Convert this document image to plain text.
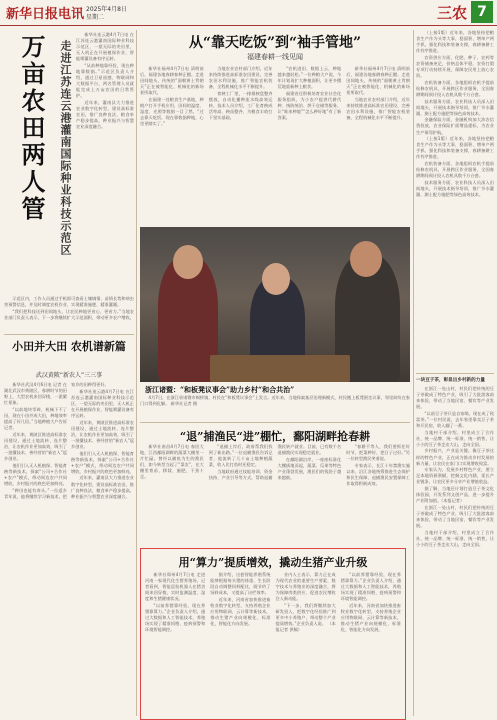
新华日报电讯 2025年4月8日
星期二	三农 7
万亩农田两人管	走进江苏连云港灌南国际种业科技示范区

新华社连云港4月7日电 在江苏连云港灌南国际种业科技示范区，一望无际的麦田里，无人机正在开展植保作业，智能喷灌设备有序运转。

“从前种地靠经验，现在种地靠数据。”示范区负责人介绍，通过卫星遥感、物联网和大数据平台，两名管理人员就能完成上万亩农田的日常管护。

近年来，灌南县大力推进农业数字化转型，建设高标准农田，推广良种良法，粮食单产稳步提高，种业振兴与智慧农业深度融合。

示范区内，工作人员通过手机即可查看土壤墒情、苗情长势和病虫害预警信息，并及时调度农机作业，实现精准施肥、精准灌溉。

“我们把科技送到田间地头，让农民种地更省心、更省力。”当地农业部门负责人表示，下一步将继续扩大示范面积，带动更多农户增收。

小田并大田 农机谱新篇
武汉黄陂“新农人”三三事

新华社武汉4月6日电 记者 在湖北武汉市黄陂区，春耕时节的田野上，大型农机来回穿梭，一派繁忙景象。

“以前地块零碎，机械下不了田，现在小田并成大田，种地效率提高了好几倍。”当地种植大户告诉记者。

近年来，黄陂区推进高标准农田建设，通过土地流转、连片整治，让农机作业更加高效，吸引了一批懂技术、善经营的“新农人”返乡创业。

他们引入无人机植保、智能育秧等新技术，探索“公司+合作社+农户”模式，带动周边农户共同增收，乡村振兴的底色更加鲜亮。

“种田也能有奔头。”一位返乡青年说，他将继续学习新技术，把家乡的田种得更好。

新华社连云港4月7日电 在江苏连云港灌南国际种业科技示范区，一望无际的麦田里，无人机正在开展植保作业，智能喷灌设备有序运转。

近年来，黄陂区推进高标准农田建设，通过土地流转、连片整治，让农机作业更加高效，吸引了一批懂技术、善经营的“新农人”返乡创业。

他们引入无人机植保、智能育秧等新技术，探索“公司+合作社+农户”模式，带动周边农户共同增收，乡村振兴的底色更加鲜亮。

近年来，灌南县大力推进农业数字化转型，建设高标准农田，推广良种良法，粮食单产稳步提高，种业振兴与智慧农业深度融合。

从“靠天吃饭”到“袖手管地”
福建春耕一线见闻

新华社福州4月7日电 清明前后，福建各地春耕春种正酣。走进田间地头，传统的“面朝黄土背朝天”正在被智能化、机械化的新场景所取代。

在福建一处粮食生产基地，种植户打开手机应用，田间的温度、湿度、光照等数据一目了然。“过去靠天吃饭，现在靠数据种地，心里更踏实了。”

当地农业农村部门介绍，近年来持续推进高标准农田建设，完善农田水利设施，推广智能农机装备，全程机械化水平不断提升。

育秧工厂里，一排排秧盘整齐摆放，自动化播种流水线高效运转。技术人员介绍，工厂化育秧成活率高、秧苗整齐，为粮食丰收打下坚实基础。

“农机进田、数据上云，种地越来越轻松。”一位种粮大户说，今年计划再扩大种植面积，让更多撂荒地重新种上粮食。

福建省还积极培育农业社会化服务组织，为小农户提供代耕代种、统防统治、烘干仓储等服务，让“谁来种地”“怎么种好地”有了新答案。

新华社福州4月7日电 清明前后，福建各地春耕春种正酣。走进田间地头，传统的“面朝黄土背朝天”正在被智能化、机械化的新场景所取代。

当地农业农村部门介绍，近年来持续推进高标准农田建设，完善农田水利设施，推广智能农机装备，全程机械化水平不断提升。

浙江诸暨：“和板凳议事会”助力乡村“和合共治”
4月7日，在浙江省诸暨市枫桥镇，村民在“和板凳议事会”上发言。近年来，当地探索基层治理新模式，村民搬上板凳围坐议事，邻里纠纷在家门口得到化解。 新华社记者 摄
“退”捕渔民“进”棚忙，鄱阳湖畔抢春耕

新华社南昌4月7日电 春回大地，江西鄱阳湖畔的蔬菜大棚里一片忙碌。曾经以捕鱼为生的渔民们，如今转型当起了“菜农”，在大棚里育苗、移栽、施肥，干劲十足。

“退捕上岸后，政府帮我们找到了新出路。”一位退捕渔民告诉记者，他流转了几十亩土地种植蔬菜，收入比打鱼时还稳定。

当地政府通过技能培训、资金扶持、产业引导等方式，帮助退捕渔民转产就业。目前，已有数千名退捕渔民实现稳定就业。

在鄱阳湖沿岸，一座座标准化大棚拔地而起，蔬菜、瓜果等特色产业蓬勃发展，渔民们的钱袋子越来越鼓。

“春耕不等人，我们要抓住好时节，把菜种好、把日子过好。”另一位转型渔民笑着说。

专家表示，长江十年禁渔实施以来，沿江各地统筹推进生态保护和民生保障，退捕渔民安置保障工作取得积极成效。

用“算力”提质增效，撬动生猪产业升级

新华社郑州4月7日电 走进河南一家现代化生猪养殖场，记者看到，智能巡检机器人在猪舍间来回穿梭，实时监测温度、湿度和生猪健康状况。

“以前养猪靠经验，现在养猪靠算力。”企业负责人介绍，通过大数据和人工智能技术，养殖场实现了精准饲喂、疫病预警和环境智能调控。

据介绍，这套智能养殖系统能够根据每头猪的体重、生长阶段自动调整饲料配比，既节约了饲料成本，又提高了出栏效率。

近年来，河南省加快推进畜牧业数字化转型，支持养殖企业应用物联网、云计算等新技术，推动生猪产业向规模化、标准化、智能化方向发展。

业内人士表示，算力正在成为现代农业的重要生产要素，数字技术与养殖业的深度融合，将为保障肉类供应、促进农民增收注入新动能。

“下一步，我们将继续加大研发投入，把数字化经验推广到更多中小养殖户，带动整个产业提质增效。”企业负责人说。 （本报记者 供稿）

“以前养猪靠经验，现在养猪靠算力。”企业负责人介绍，通过大数据和人工智能技术，养殖场实现了精准饲喂、疫病预警和环境智能调控。

近年来，河南省加快推进畜牧业数字化转型，支持养殖企业应用物联网、云计算等新技术，推动生猪产业向规模化、标准化、智能化方向发展。

（上接1版）近年来，各地坚持把粮食生产作为头等大事，稳面积、增单产两手抓，强化科技和装备支撑，春耕备耕工作有序推进。

农资供应方面，化肥、种子、农药等农资储备充足，价格总体平稳，农资打假专项行动持续开展，保障农民用上放心农资。

农机装备方面，各地组织农机手提前检修农机具，开展跨区作业服务，全国春耕期间预计投入农机具数千万台套。

技术服务方面，农业科技人员深入田间地头，开展技术指导培训，推广节水灌溉、测土配方施肥等绿色高效技术。

金融保险方面，金融机构加大涉农信贷投放，农业保险扩面增品提标，为农业生产保驾护航。

（上接1版）近年来，各地坚持把粮食生产作为头等大事，稳面积、增单产两手抓，强化科技和装备支撑，春耕备耕工作有序推进。

农机装备方面，各地组织农机手提前检修农机具，开展跨区作业服务，全国春耕期间预计投入农机具数千万台套。

技术服务方面，农业科技人员深入田间地头，开展技术指导培训，推广节水灌溉、测土配方施肥等绿色高效技术。

一块豆子茶，彰显出乡村新的力量

在浙江一处山村，村民们把传统的豆子茶做成了特色产业，吸引了大批游客前来体验，带动了当地民宿、餐饮等产业发展。

“以前豆子茶只是自家喝，现在成了致富茶。”一位村民说，去年家里靠卖豆子茶和开民宿，收入翻了一番。

当地村干部介绍，村里成立了合作社，统一品牌、统一标准、统一销售，让小小的豆子茶走出大山，走向全国。

乡村振兴，产业是关键。像豆子茶这样的特色产业，正在成为推动乡村发展的新力量，让农民在家门口实现增收致富。

专家认为，发展乡村特色产业，要立足本地资源禀赋，挖掘文化内涵，延长产业链条，让农民更多分享产业增值收益。

据了解，当地还计划打造豆子茶文化体验园，开发系列文创产品，进一步提升产业附加值。（本报记者）

在浙江一处山村，村民们把传统的豆子茶做成了特色产业，吸引了大批游客前来体验，带动了当地民宿、餐饮等产业发展。

当地村干部介绍，村里成立了合作社，统一品牌、统一标准、统一销售，让小小的豆子茶走出大山，走向全国。
